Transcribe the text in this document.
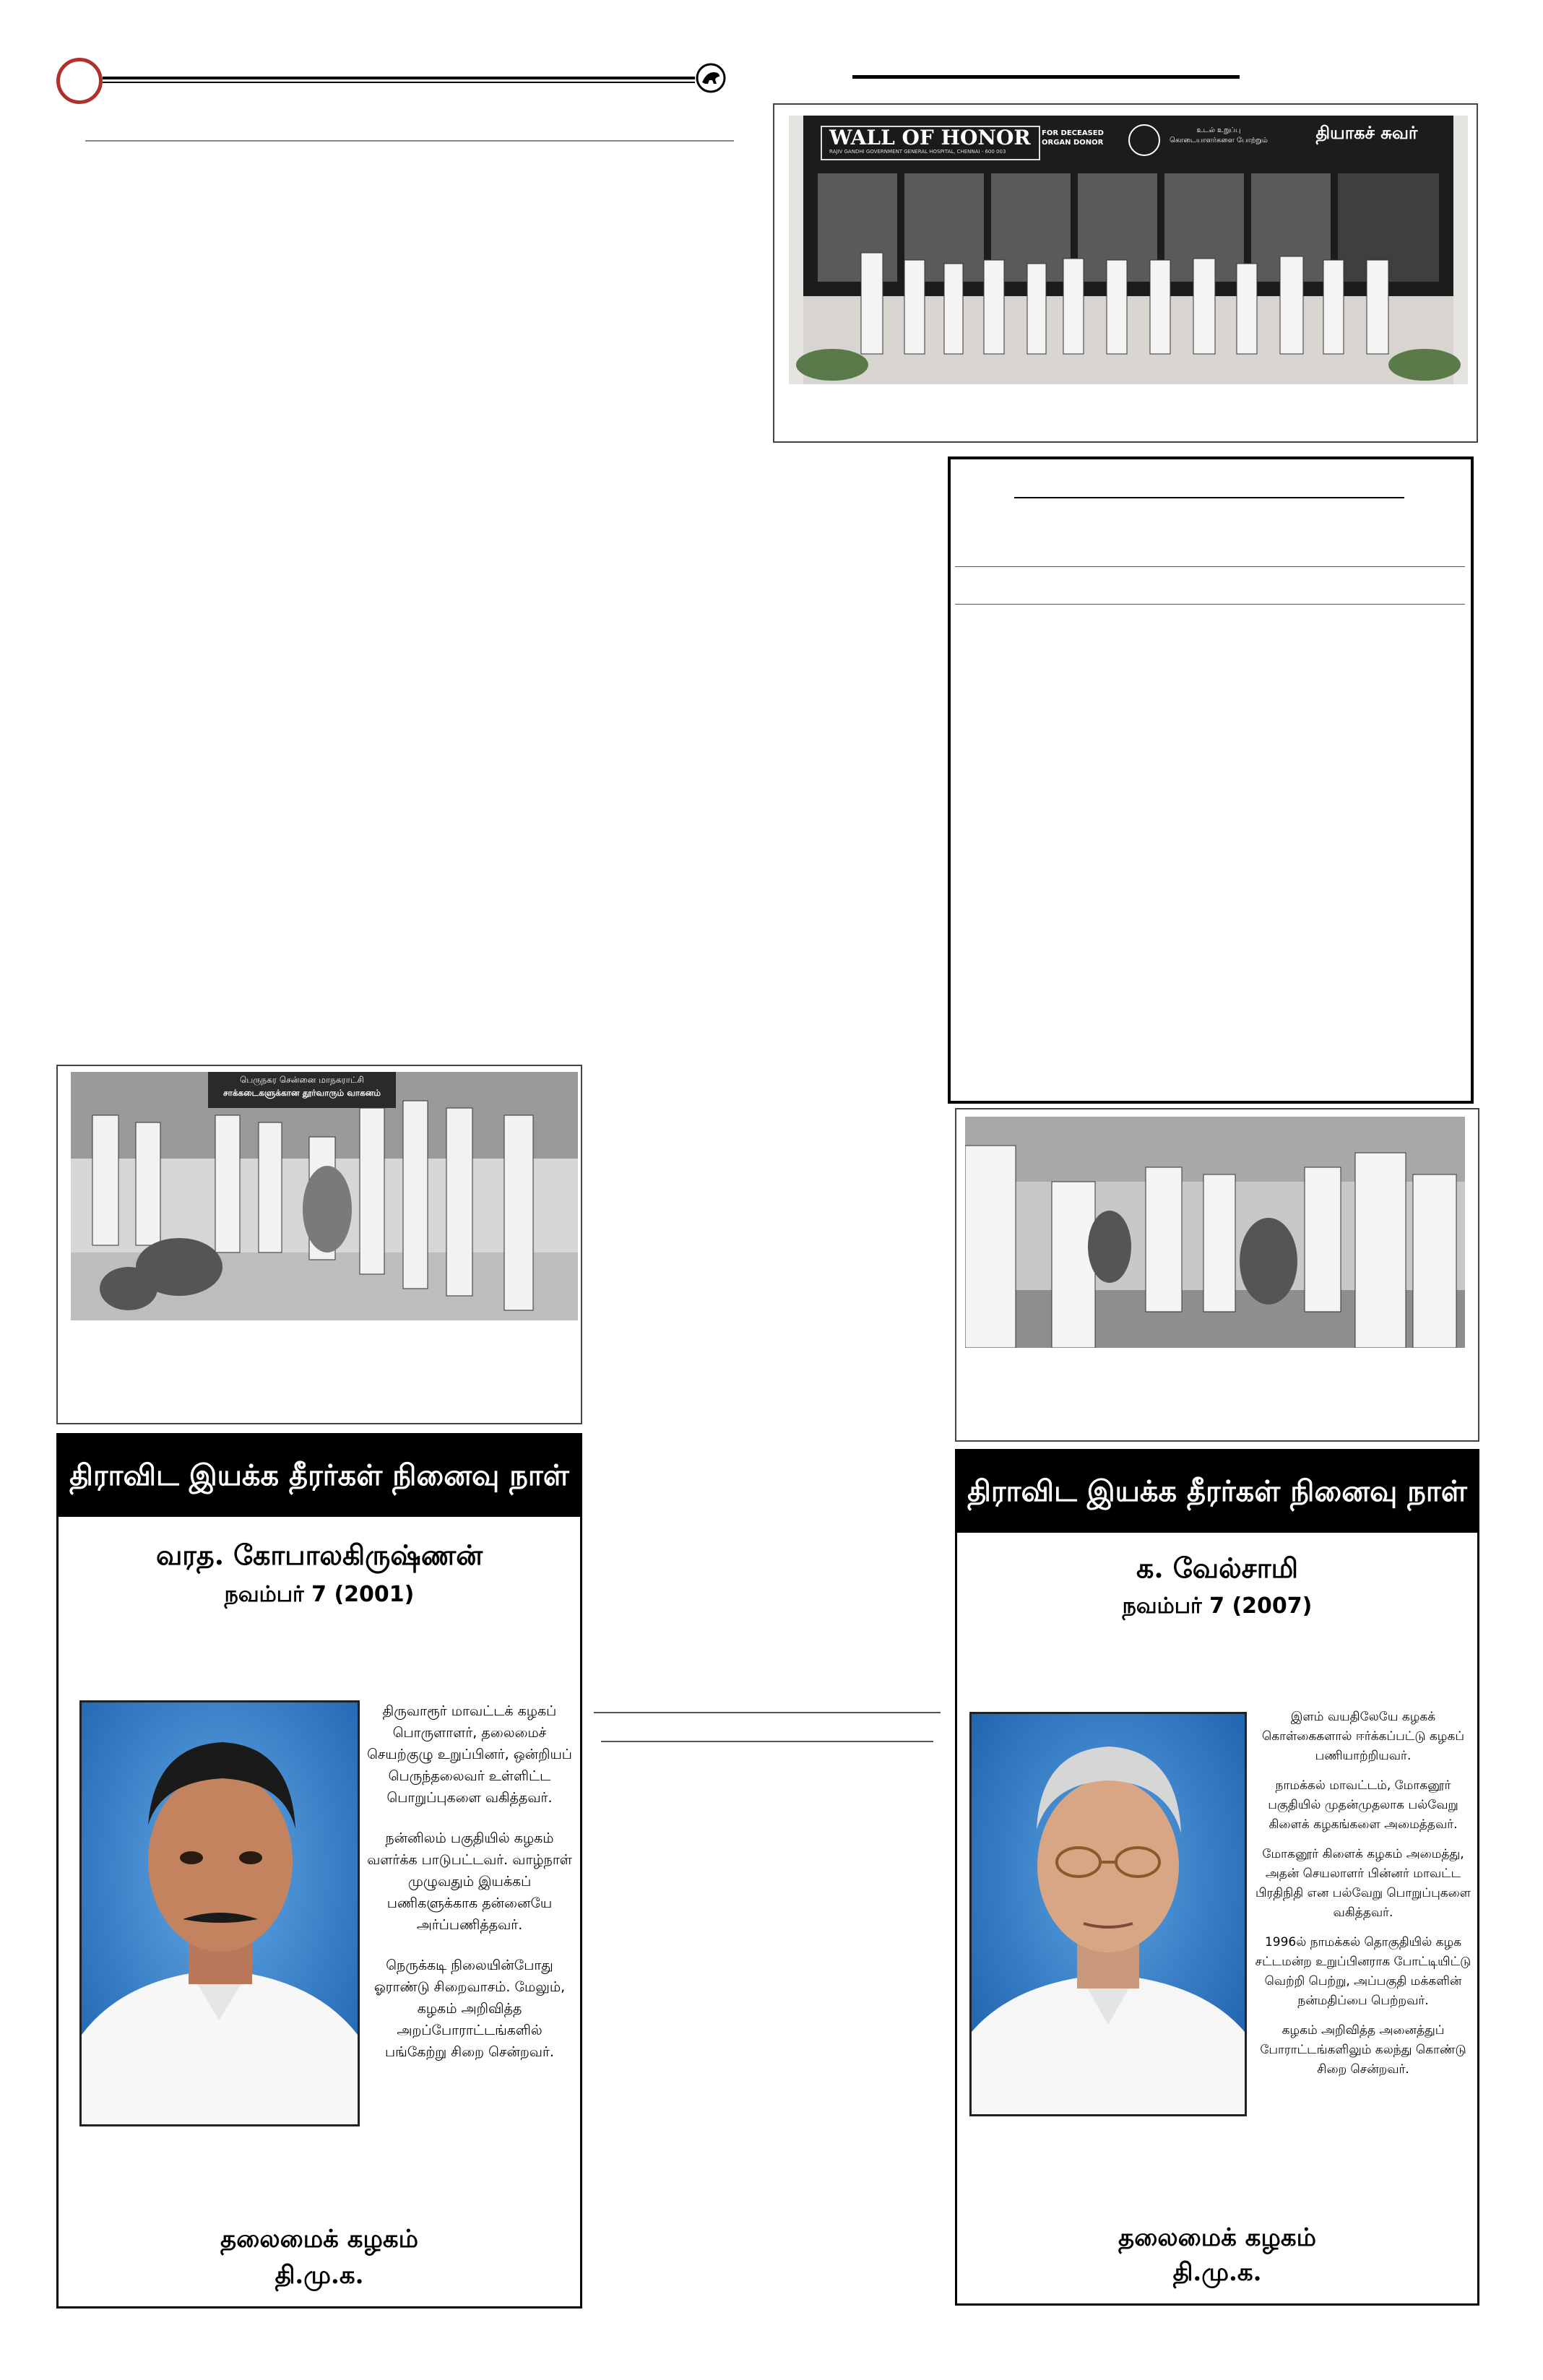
WALL OF HONOR
RAJIV GANDHI GOVERNMENT GENERAL HOSPITAL, CHENNAI - 600 003
FOR DECEASED ORGAN DONOR
உடல் உறுப்பு கொடையாளர்களை போற்றும்	தியாகச் சுவர்
பெருநகர சென்னை மாநகராட்சி
சாக்கடைகளுக்கான தூர்வாரும் வாகனம்
திராவிட இயக்க தீரர்கள் நினைவு நாள்
வரத. கோபாலகிருஷ்ணன்
நவம்பர் 7 (2001)

திருவாரூர் மாவட்டக் கழகப் பொருளாளர், தலைமைச் செயற்குழு உறுப்பினர், ஒன்றியப் பெருந்தலைவர் உள்ளிட்ட பொறுப்புகளை வகித்தவர்.

நன்னிலம் பகுதியில் கழகம் வளர்க்க பாடுபட்டவர். வாழ்நாள் முழுவதும் இயக்கப் பணிகளுக்காக தன்னையே அர்ப்பணித்தவர்.

நெருக்கடி நிலையின்போது ஓராண்டு சிறைவாசம். மேலும், கழகம் அறிவித்த அறப்போராட்டங்களில் பங்கேற்று சிறை சென்றவர்.

தலைமைக் கழகம்
தி.மு.க.
திராவிட இயக்க தீரர்கள் நினைவு நாள்
க. வேல்சாமி
நவம்பர் 7 (2007)

இளம் வயதிலேயே கழகக் கொள்கைகளால் ஈர்க்கப்பட்டு கழகப் பணியாற்றியவர்.

நாமக்கல் மாவட்டம், மோகனூர் பகுதியில் முதன்முதலாக பல்வேறு கிளைக் கழகங்களை அமைத்தவர்.

மோகனூர் கிளைக் கழகம் அமைத்து, அதன் செயலாளர் பின்னர் மாவட்ட பிரதிநிதி என பல்வேறு பொறுப்புகளை வகித்தவர்.

1996ல் நாமக்கல் தொகுதியில் கழக சட்டமன்ற உறுப்பினராக போட்டியிட்டு வெற்றி பெற்று, அப்பகுதி மக்களின் நன்மதிப்பை பெற்றவர்.

கழகம் அறிவித்த அனைத்துப் போராட்டங்களிலும் கலந்து கொண்டு சிறை சென்றவர்.

தலைமைக் கழகம்
தி.மு.க.
